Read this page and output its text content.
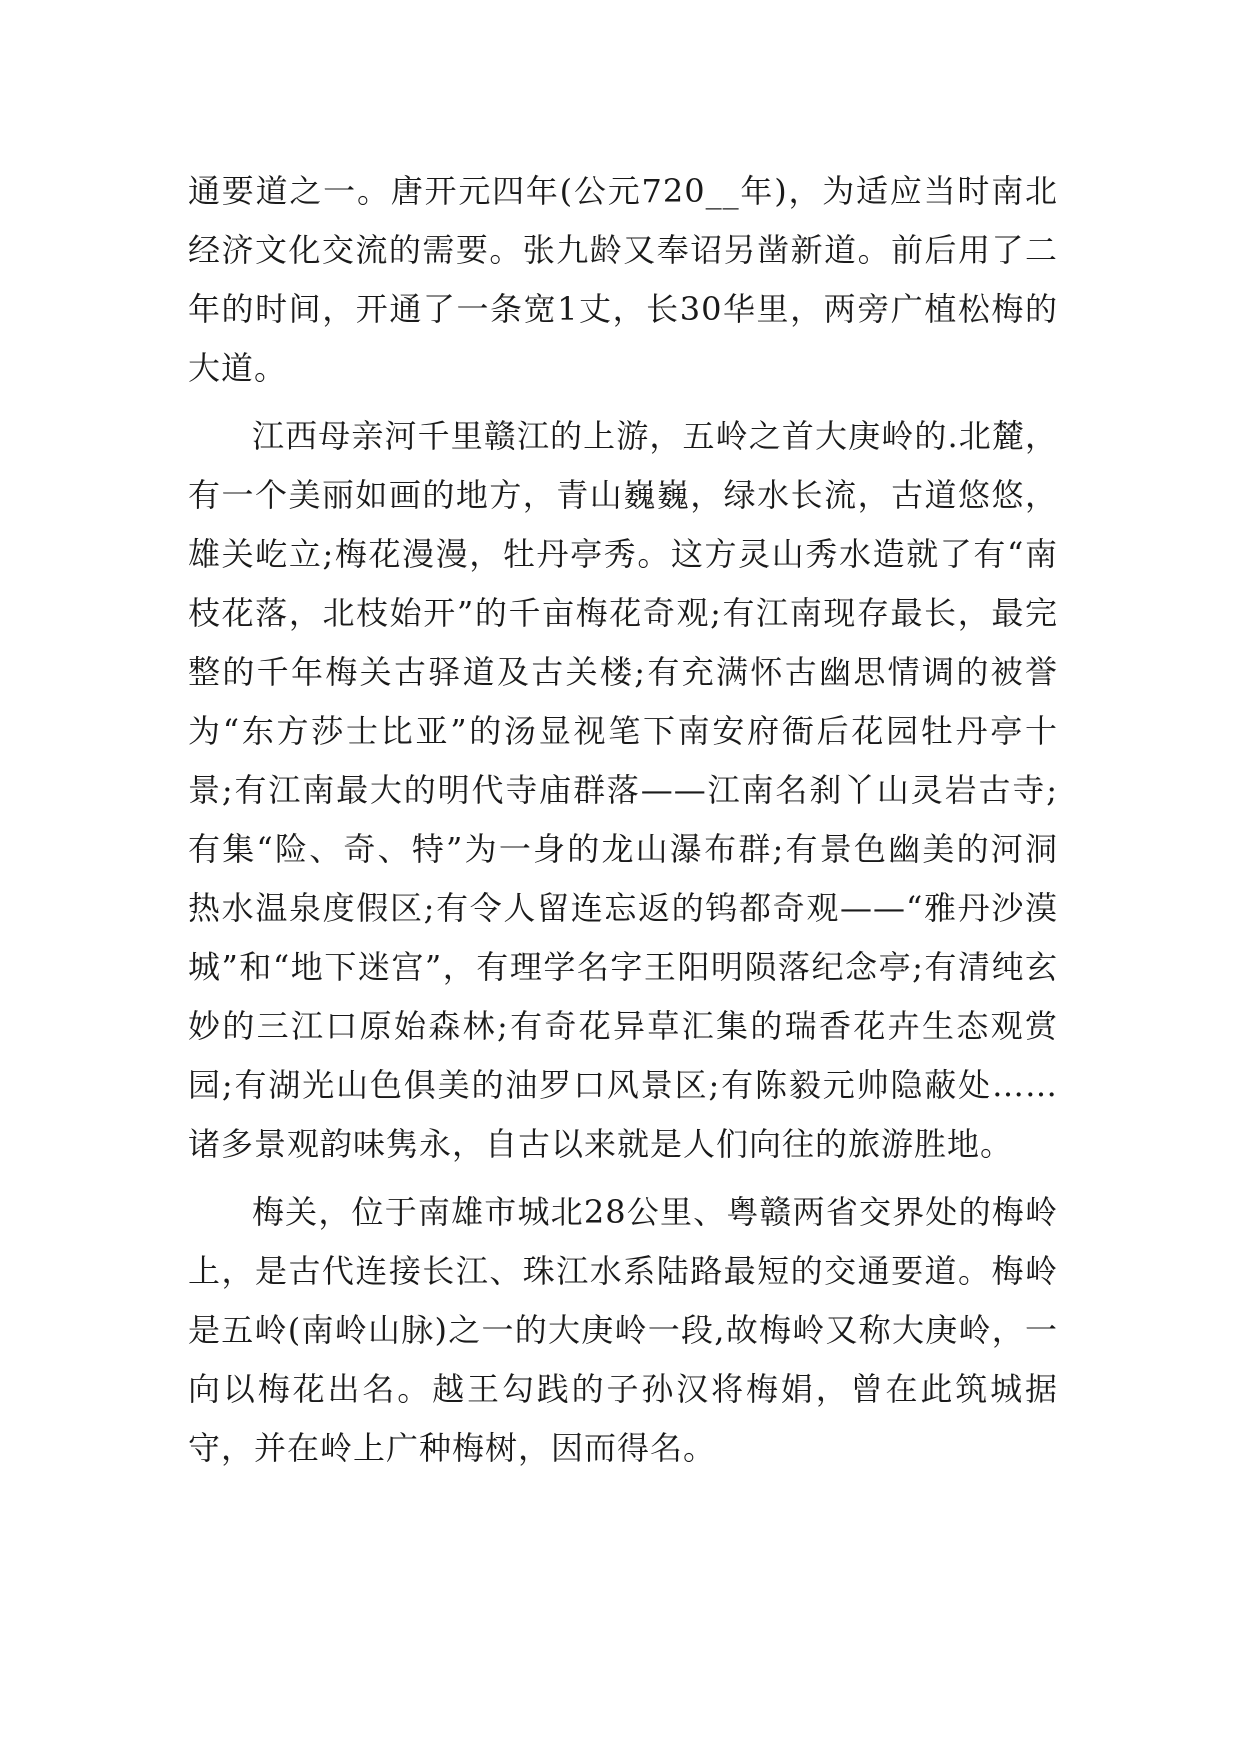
通要道之一。唐开元四年(公元720__年)，为适应当时南北经济文化交流的需要。张九龄又奉诏另凿新道。前后用了二年的时间，开通了一条宽1丈，长30华里，两旁广植松梅的大道。

江西母亲河千里赣江的上游，五岭之首大庚岭的.北麓，有一个美丽如画的地方，青山巍巍，绿水长流，古道悠悠，雄关屹立;梅花漫漫，牡丹亭秀。这方灵山秀水造就了有“南枝花落，北枝始开”的千亩梅花奇观;有江南现存最长，最完整的千年梅关古驿道及古关楼;有充满怀古幽思情调的被誉为“东方莎士比亚”的汤显视笔下南安府衙后花园牡丹亭十景;有江南最大的明代寺庙群落——江南名刹丫山灵岩古寺;有集“险、奇、特”为一身的龙山瀑布群;有景色幽美的河洞热水温泉度假区;有令人留连忘返的钨都奇观——“雅丹沙漠城”和“地下迷宫”，有理学名字王阳明陨落纪念亭;有清纯玄妙的三江口原始森林;有奇花异草汇集的瑞香花卉生态观赏园;有湖光山色俱美的油罗口风景区;有陈毅元帅隐蔽处……诸多景观韵味隽永，自古以来就是人们向往的旅游胜地。

梅关，位于南雄市城北28公里、粤赣两省交界处的梅岭上，是古代连接长江、珠江水系陆路最短的交通要道。梅岭是五岭(南岭山脉)之一的大庚岭一段,故梅岭又称大庚岭，一向以梅花出名。越王勾践的子孙汉将梅娟，曾在此筑城据守，并在岭上广种梅树，因而得名。
